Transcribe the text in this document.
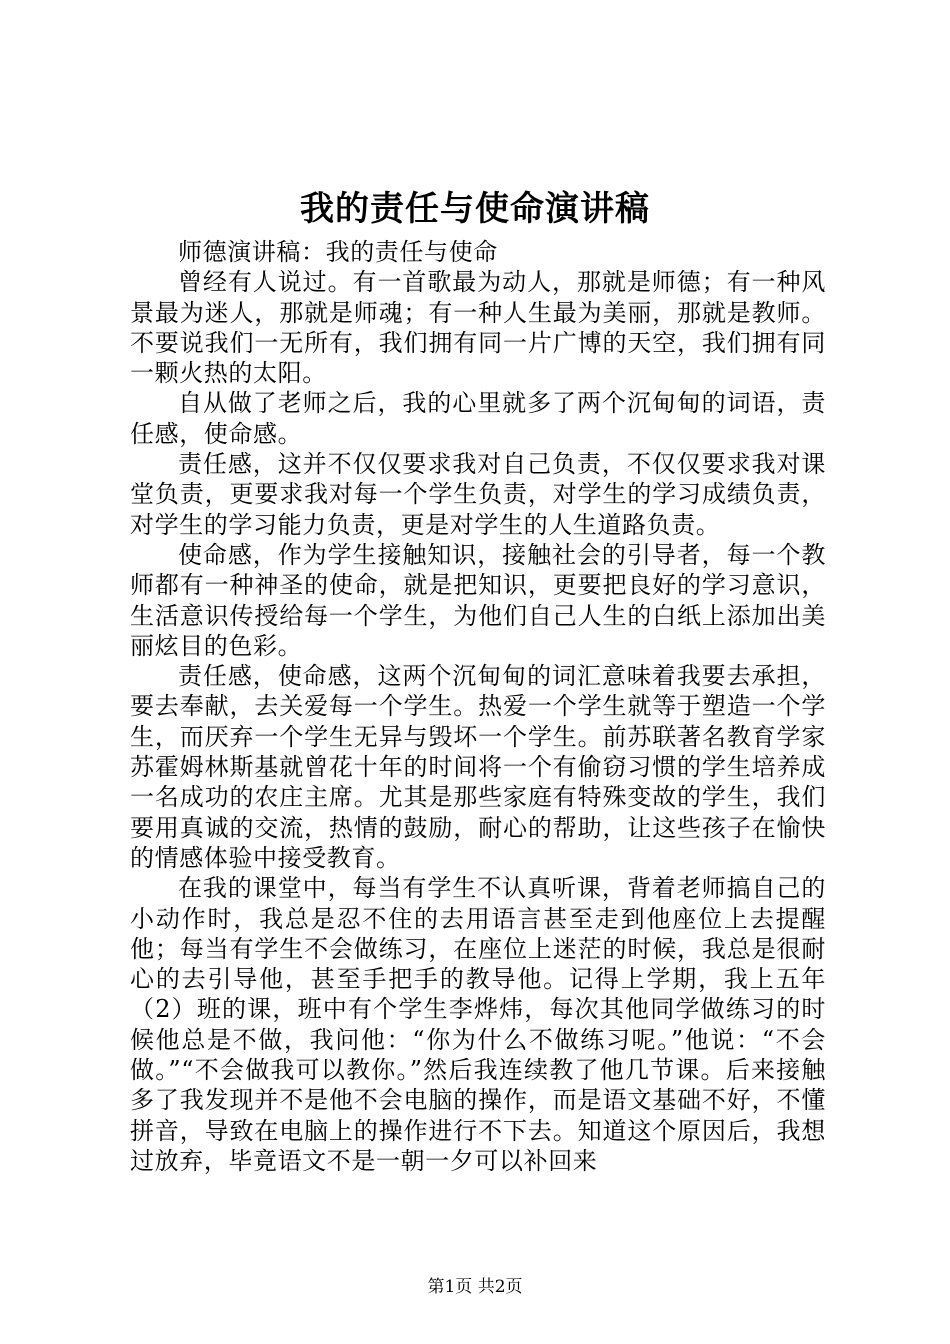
我的责任与使命演讲稿

师德演讲稿：我的责任与使命

曾经有人说过。有一首歌最为动人，那就是师德；有一种风景最为迷人，那就是师魂；有一种人生最为美丽，那就是教师。不要说我们一无所有，我们拥有同一片广博的天空，我们拥有同一颗火热的太阳。

自从做了老师之后，我的心里就多了两个沉甸甸的词语，责任感，使命感。

责任感，这并不仅仅要求我对自己负责，不仅仅要求我对课堂负责，更要求我对每一个学生负责，对学生的学习成绩负责，对学生的学习能力负责，更是对学生的人生道路负责。

使命感，作为学生接触知识，接触社会的引导者，每一个教师都有一种神圣的使命，就是把知识，更要把良好的学习意识，生活意识传授给每一个学生，为他们自己人生的白纸上添加出美丽炫目的色彩。

责任感，使命感，这两个沉甸甸的词汇意味着我要去承担，要去奉献，去关爱每一个学生。热爱一个学生就等于塑造一个学生，而厌弃一个学生无异与毁坏一个学生。前苏联著名教育学家苏霍姆林斯基就曾花十年的时间将一个有偷窃习惯的学生培养成一名成功的农庄主席。尤其是那些家庭有特殊变故的学生，我们要用真诚的交流，热情的鼓励，耐心的帮助，让这些孩子在愉快的情感体验中接受教育。

在我的课堂中，每当有学生不认真听课，背着老师搞自己的小动作时，我总是忍不住的去用语言甚至走到他座位上去提醒他；每当有学生不会做练习，在座位上迷茫的时候，我总是很耐心的去引导他，甚至手把手的教导他。记得上学期，我上五年（2）班的课，班中有个学生李烨炜，每次其他同学做练习的时候他总是不做，我问他：“你为什么不做练习呢。”他说：“不会做。”“不会做我可以教你。”然后我连续教了他几节课。后来接触多了我发现并不是他不会电脑的操作，而是语文基础不好，不懂拼音，导致在电脑上的操作进行不下去。知道这个原因后，我想过放弃，毕竟语文不是一朝一夕可以补回来

第1页 共2页
